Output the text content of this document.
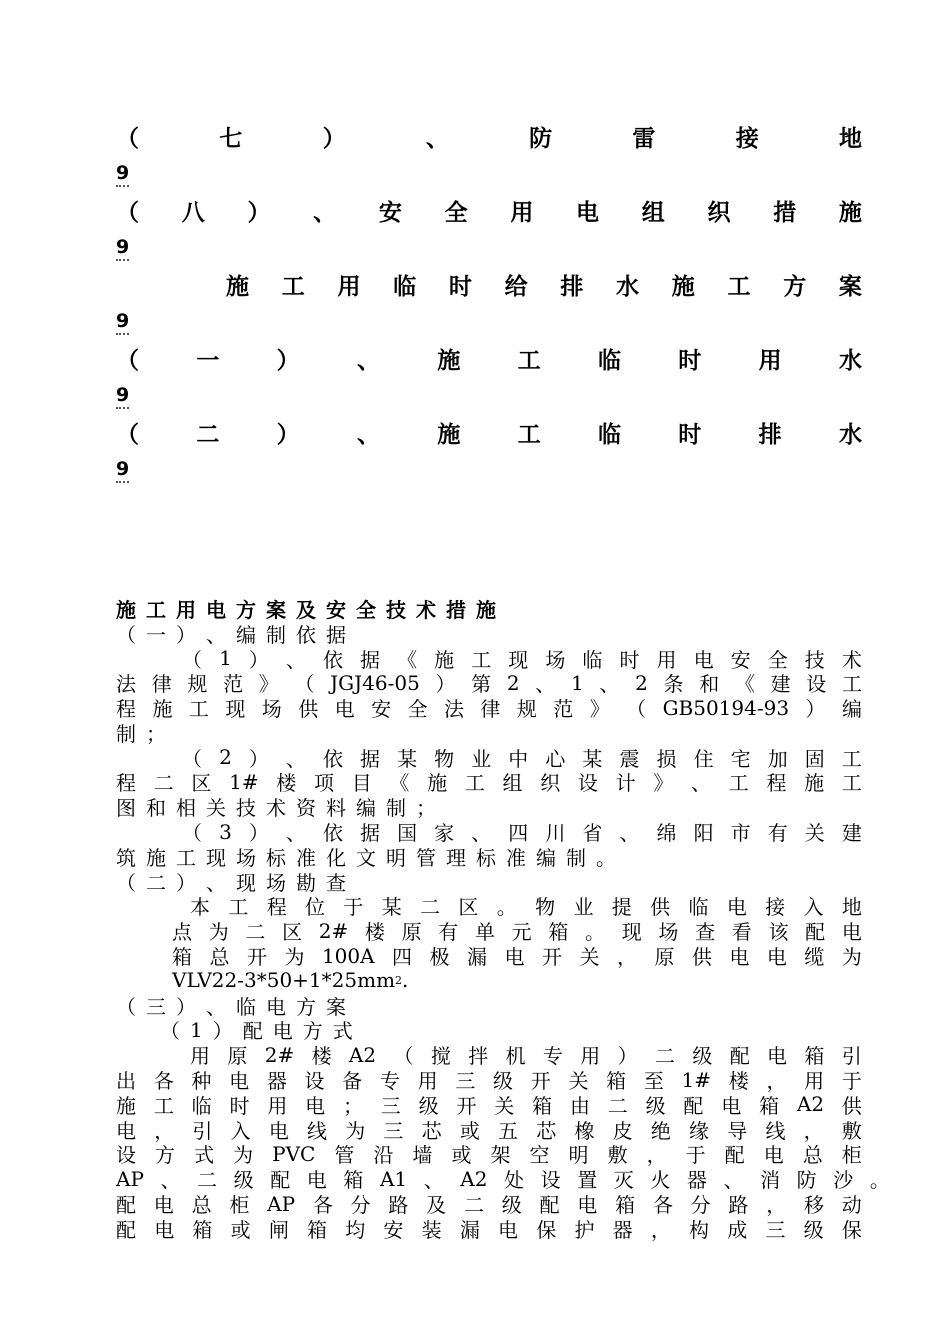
（	七	）	、	防	雷	接	地
9
（ 八 ） 、 安 全 用 电 组 织 措 施
9
施 工 用 临 时 给 排 水 施 工 方 案
9
（ 一 ） 、 施 工 临 时 用 水
9
（ 二 ） 、 施 工 临 时 排 水
9
施 工 用 电 方 案 及 安 全 技 术 措 施
（ 一 ） 、 编 制 依 据
（ 1 ） 、 依 据 《 施 工 现 场 临 时 用 电 安 全 技 术
法 律 规 范 》 （ JGJ46-05 ） 第 2 、 1 、 2 条 和 《 建 设 工
程 施 工 现 场 供 电 安 全 法 律 规 范 》 （ GB50194-93 ） 编
制 ；
（ 2 ） 、 依 据 某 物 业 中 心 某 震 损 住 宅 加 固 工
程 二 区 1# 楼 项 目 《 施 工 组 织 设 计 》 、 工 程 施 工
图 和 相 关 技 术 资 料 编 制 ；
（ 3 ） 、 依 据 国 家 、 四 川 省 、 绵 阳 市 有 关 建
筑 施 工 现 场 标 准 化 文 明 管 理 标 准 编 制 。
（ 二 ） 、 现 场 勘 查
本 工 程 位 于 某 二 区 。 物 业 提 供 临 电 接 入 地
点 为 二 区 2# 楼 原 有 单 元 箱 。 现 场 查 看 该 配 电
箱 总 开 为 100A 四 极 漏 电 开 关 ， 原 供 电 电 缆 为
VLV22-3*50+1*25mm 2 .
（ 三 ） 、 临 电 方 案
（ 1 ） 配 电 方 式
用 原 2# 楼 A2 （ 搅 拌 机 专 用 ） 二 级 配 电 箱 引
出 各 种 电 器 设 备 专 用 三 级 开 关 箱 至 1# 楼 ， 用 于
施 工 临 时 用 电 ； 三 级 开 关 箱 由 二 级 配 电 箱 A2 供
电 ， 引 入 电 线 为 三 芯 或 五 芯 橡 皮 绝 缘 导 线 ， 敷
设 方 式 为 PVC 管 沿 墙 或 架 空 明 敷 ， 于 配 电 总 柜
AP 、 二 级 配 电 箱 A1 、 A2 处 设 置 灭 火 器 、 消 防 沙 。
配 电 总 柜 AP 各 分 路 及 二 级 配 电 箱 各 分 路 ， 移 动
配 电 箱 或 闸 箱 均 安 装 漏 电 保 护 器 ， 构 成 三 级 保
